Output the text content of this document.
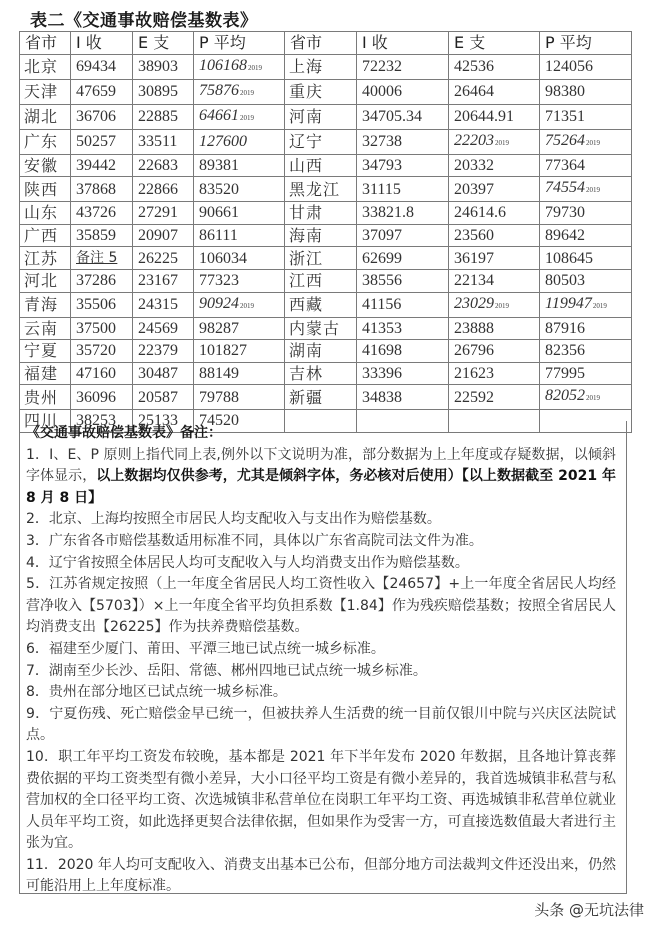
表二《交通事故赔偿基数表》
省市	I 收	E 支	P 平均	省市	I 收	E 支	P 平均
北京	69434	38903	1061682019	上海	72232	42536	124056
天津	47659	30895	758762019	重庆	40006	26464	98380
湖北	36706	22885	646612019	河南	34705.34	20644.91	71351
广东	50257	33511	127600	辽宁	32738	222032019	752642019
安徽	39442	22683	89381	山西	34793	20332	77364
陕西	37868	22866	83520	黑龙江	31115	20397	745542019
山东	43726	27291	90661	甘肃	33821.8	24614.6	79730
广西	35859	20907	86111	海南	37097	23560	89642
江苏	备注 5	26225	106034	浙江	62699	36197	108645
河北	37286	23167	77323	江西	38556	22134	80503
青海	35506	24315	909242019	西藏	41156	230292019	1199472019
云南	37500	24569	98287	内蒙古	41353	23888	87916
宁夏	35720	22379	101827	湖南	41698	26796	82356
福建	47160	30487	88149	吉林	33396	21623	77995
贵州	36096	20587	79788	新疆	34838	22592	820522019
四川	38253	25133	74520				

《交通事故赔偿基数表》备注：

1．I、E、P 原则上指代同上表,例外以下文说明为准，部分数据为上上年度或存疑数据，以倾斜字体显示，以上数据均仅供参考，尤其是倾斜字体，务必核对后使用）【以上数据截至 2021 年 8 月 8 日】

2．北京、上海均按照全市居民人均支配收入与支出作为赔偿基数。

3．广东省各市赔偿基数适用标准不同，具体以广东省高院司法文件为准。

4．辽宁省按照全体居民人均可支配收入与人均消费支出作为赔偿基数。

5．江苏省规定按照（上一年度全省居民人均工资性收入【24657】+上一年度全省居民人均经营净收入【5703】）×上一年度全省平均负担系数【1.84】作为残疾赔偿基数；按照全省居民人均消费支出【26225】作为扶养费赔偿基数。

6．福建至少厦门、莆田、平潭三地已试点统一城乡标准。

7．湖南至少长沙、岳阳、常德、郴州四地已试点统一城乡标准。

8．贵州在部分地区已试点统一城乡标准。

9．宁夏伤残、死亡赔偿金早已统一，但被扶养人生活费的统一目前仅银川中院与兴庆区法院试点。

10．职工年平均工资发布较晚，基本都是 2021 年下半年发布 2020 年数据，且各地计算丧葬费依据的平均工资类型有微小差异，大小口径平均工资是有微小差异的，我首选城镇非私营与私营加权的全口径平均工资、次选城镇非私营单位在岗职工年平均工资、再选城镇非私营单位就业人员年平均工资，如此选择更契合法律依据，但如果作为受害一方，可直接选数值最大者进行主张为宜。

11．2020 年人均可支配收入、消费支出基本已公布，但部分地方司法裁判文件还没出来，仍然可能沿用上上年度标准。

头条 @无坑法律
